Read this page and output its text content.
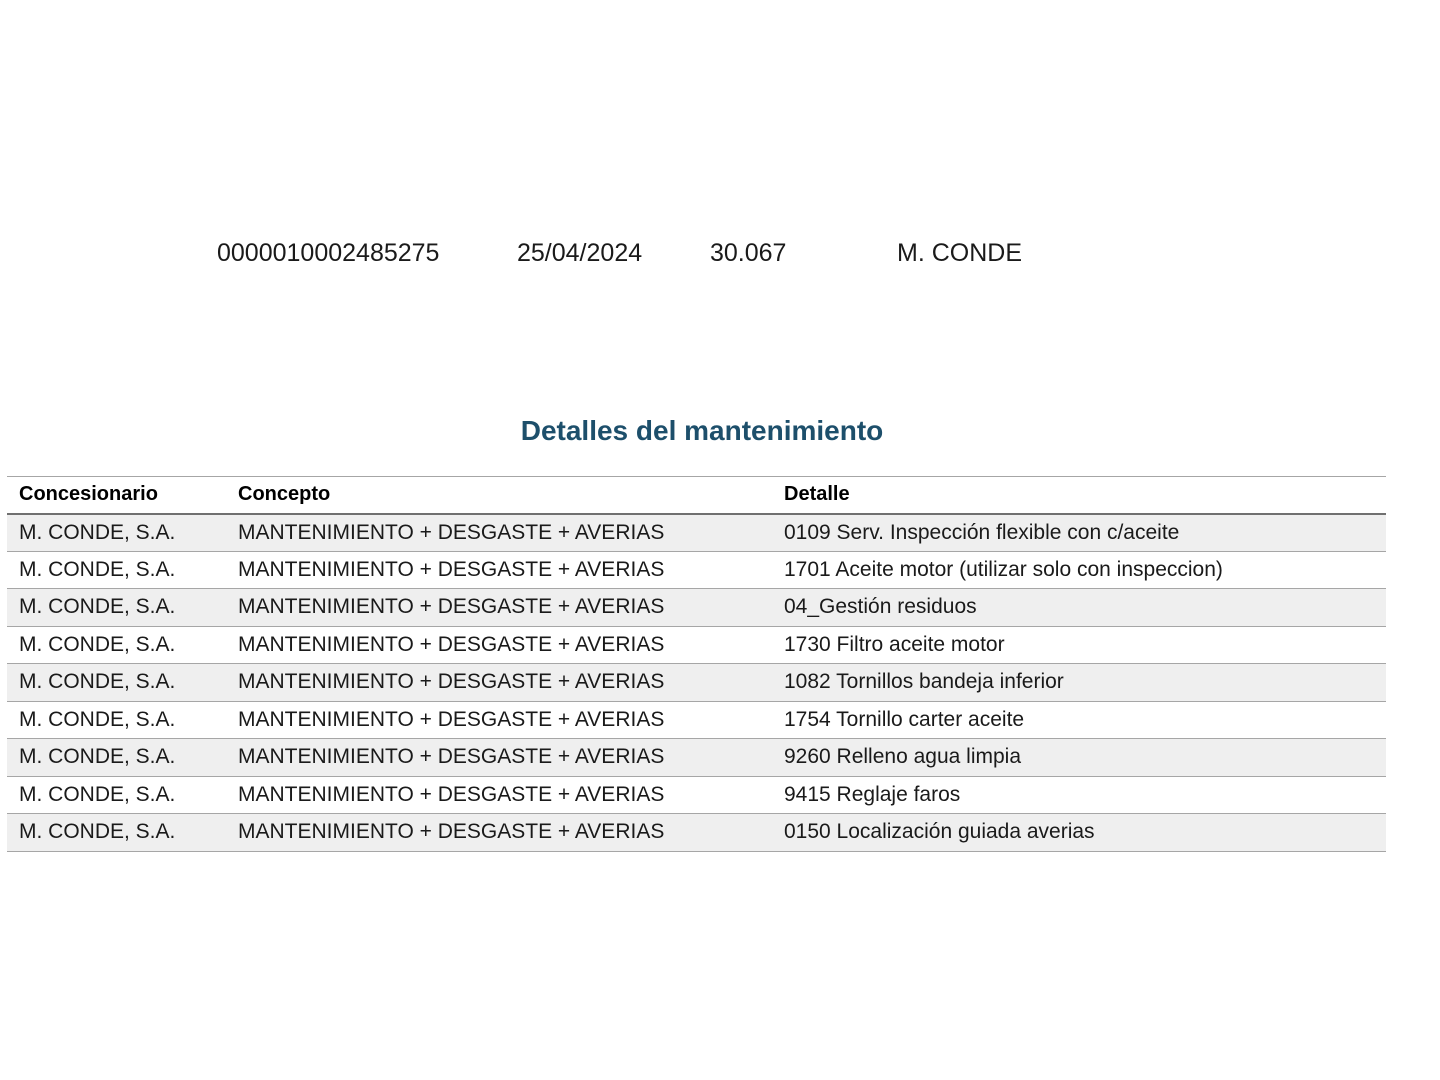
0000010002485275	25/04/2024	30.067	M. CONDE
Detalles del mantenimiento
Concesionario	Concepto	Detalle
M. CONDE, S.A.	MANTENIMIENTO + DESGASTE + AVERIAS	0109 Serv. Inspección flexible con c/aceite
M. CONDE, S.A.	MANTENIMIENTO + DESGASTE + AVERIAS	1701 Aceite motor (utilizar solo con inspeccion)
M. CONDE, S.A.	MANTENIMIENTO + DESGASTE + AVERIAS	04_Gestión residuos
M. CONDE, S.A.	MANTENIMIENTO + DESGASTE + AVERIAS	1730 Filtro aceite motor
M. CONDE, S.A.	MANTENIMIENTO + DESGASTE + AVERIAS	1082 Tornillos bandeja inferior
M. CONDE, S.A.	MANTENIMIENTO + DESGASTE + AVERIAS	1754 Tornillo carter aceite
M. CONDE, S.A.	MANTENIMIENTO + DESGASTE + AVERIAS	9260 Relleno agua limpia
M. CONDE, S.A.	MANTENIMIENTO + DESGASTE + AVERIAS	9415 Reglaje faros
M. CONDE, S.A.	MANTENIMIENTO + DESGASTE + AVERIAS	0150 Localización guiada averias
